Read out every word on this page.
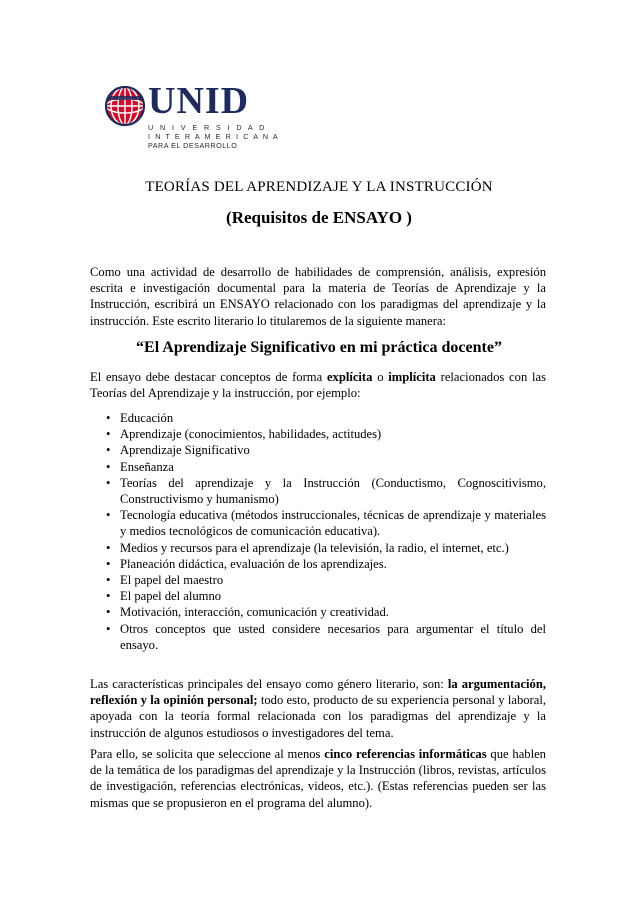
UNID
U N I V E R S I D A D
I N T E R A M E R I C A N A
PARA EL DESARROLLO
TEORÍAS DEL APRENDIZAJE Y LA INSTRUCCIÓN
(Requisitos de ENSAYO )

Como una actividad de desarrollo de habilidades de comprensión, análisis, expresión escrita e investigación documental para la materia de Teorías de Aprendizaje y la Instrucción, escribirá un ENSAYO relacionado con los paradigmas del aprendizaje y la instrucción. Este escrito literario lo titularemos de la siguiente manera:

“El Aprendizaje Significativo en mi práctica docente”

El ensayo debe destacar conceptos de forma explícita o implícita relacionados con las Teorías del Aprendizaje y la instrucción, por ejemplo:

• Educación
• Aprendizaje (conocimientos, habilidades, actitudes)
• Aprendizaje Significativo
• Enseñanza
• Teorías del aprendizaje y la Instrucción (Conductismo, Cognoscitivismo, Constructivismo y humanismo)
• Tecnología educativa (métodos instruccionales, técnicas de aprendizaje y materiales y medios tecnológicos de comunicación educativa).
• Medios y recursos para el aprendizaje (la televisión, la radio, el internet, etc.)
• Planeación didáctica, evaluación de los aprendizajes.
• El papel del maestro
• El papel del alumno
• Motivación, interacción, comunicación y creatividad.
• Otros conceptos que usted considere necesarios para argumentar el título del ensayo.

Las características principales del ensayo como género literario, son: la argumentación, reflexión y la opinión personal; todo esto, producto de su experiencia personal y laboral, apoyada con la teoría formal relacionada con los paradigmas del aprendizaje y la instrucción de algunos estudiosos o investigadores del tema.

Para ello, se solicita que seleccione al menos cinco referencias informáticas que hablen de la temática de los paradigmas del aprendizaje y la Instrucción (libros, revistas, artículos de investigación, referencias electrónicas, videos, etc.). (Estas referencias pueden ser las mismas que se propusieron en el programa del alumno).
